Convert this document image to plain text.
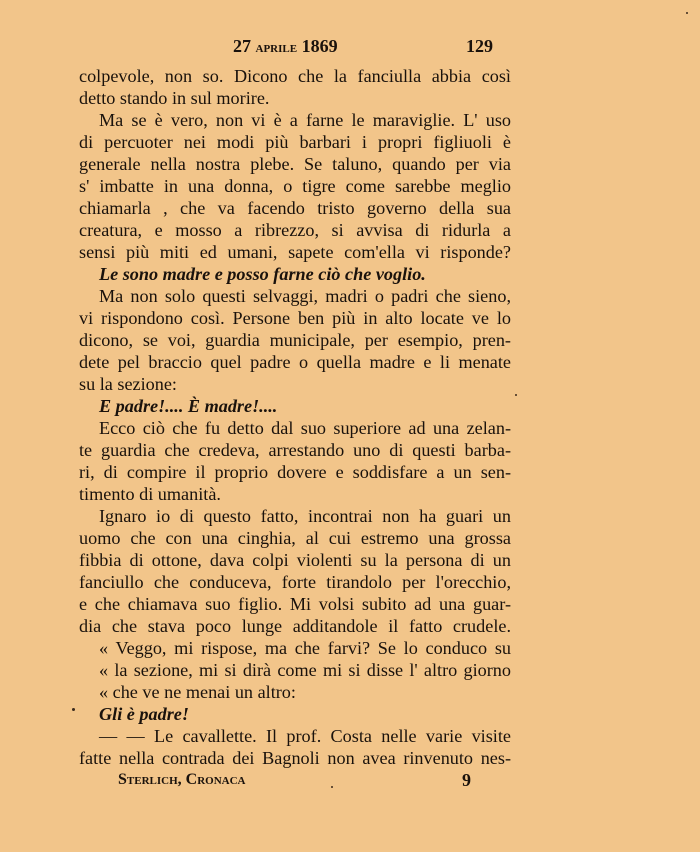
27 aprile 1869	129
colpevole, non so. Dicono che la fanciulla abbia così
detto stando in sul morire.
Ma se è vero, non vi è a farne le maraviglie. L' uso
di percuoter nei modi più barbari i propri figliuoli è
generale nella nostra plebe. Se taluno, quando per via
s' imbatte in una donna, o tigre come sarebbe meglio
chiamarla , che va facendo tristo governo della sua
creatura, e mosso a ribrezzo, si avvisa di ridurla a
sensi più miti ed umani, sapete com'ella vi risponde?
Le sono madre e posso farne ciò che voglio.
Ma non solo questi selvaggi, madri o padri che sieno,
vi rispondono così. Persone ben più in alto locate ve lo
dicono, se voi, guardia municipale, per esempio, pren-
dete pel braccio quel padre o quella madre e li menate
su la sezione:
E padre!.... È madre!....
Ecco ciò che fu detto dal suo superiore ad una zelan-
te guardia che credeva, arrestando uno di questi barba-
ri, di compire il proprio dovere e soddisfare a un sen-
timento di umanità.
Ignaro io di questo fatto, incontrai non ha guari un
uomo che con una cinghia, al cui estremo una grossa
fibbia di ottone, dava colpi violenti su la persona di un
fanciullo che conduceva, forte tirandolo per l'orecchio,
e che chiamava suo figlio. Mi volsi subito ad una guar-
dia che stava poco lunge additandole il fatto crudele.
« Veggo, mi rispose, ma che farvi? Se lo conduco su
« la sezione, mi si dirà come mi si disse l' altro giorno
« che ve ne menai un altro:
Gli è padre!
— — Le cavallette. Il prof. Costa nelle varie visite
fatte nella contrada dei Bagnoli non avea rinvenuto nes-
Sterlich, Cronaca	9
